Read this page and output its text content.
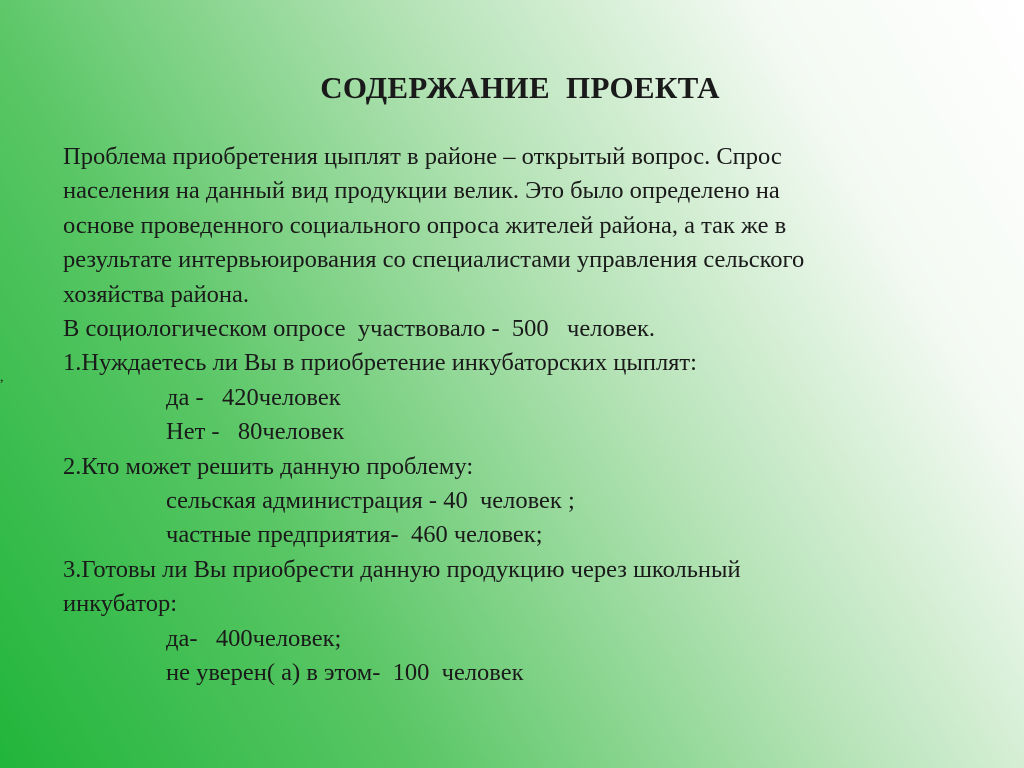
,
СОДЕРЖАНИЕ  ПРОЕКТА
Проблема приобретения цыплят в районе – открытый вопрос. Спрос
населения на данный вид продукции велик. Это было определено на
основе проведенного социального опроса жителей района, а так же в
результате интервьюирования со специалистами управления сельского
хозяйства района.
В социологическом опросе  участвовало -  500   человек.
1.Нуждаетесь ли Вы в приобретение инкубаторских цыплят:
да -   420человек
Нет -   80человек
2.Кто может решить данную проблему:
сельская администрация - 40  человек ;
частные предприятия-  460 человек;
3.Готовы ли Вы приобрести данную продукцию через школьный
инкубатор:
да-   400человек;
не уверен( а) в этом-  100  человек
